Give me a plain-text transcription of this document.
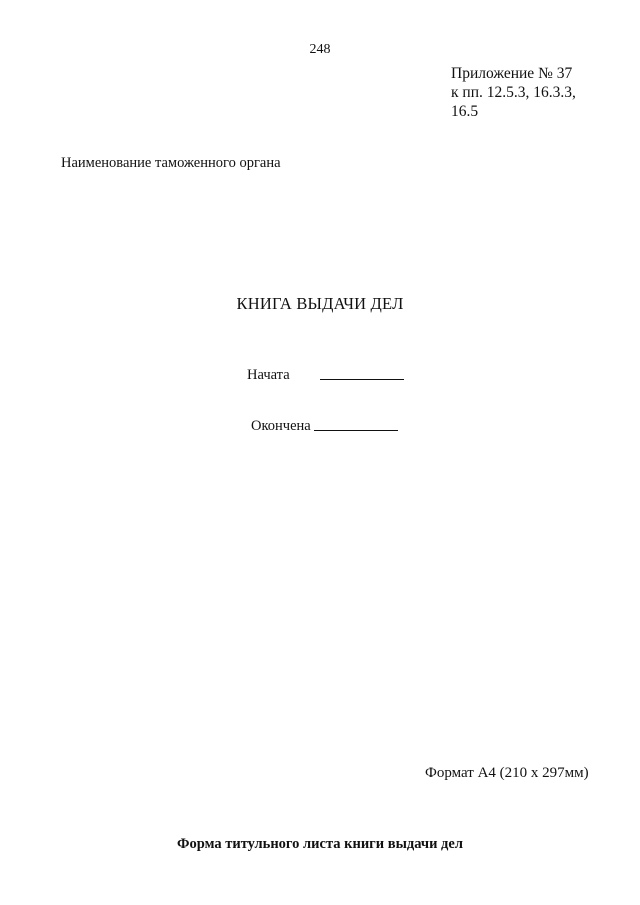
248
Приложение № 37
к пп. 12.5.3, 16.3.3,
16.5
Наименование таможенного органа
КНИГА ВЫДАЧИ ДЕЛ
Начата
Окончена
Формат А4 (210 х 297мм)
Форма титульного листа книги выдачи дел
